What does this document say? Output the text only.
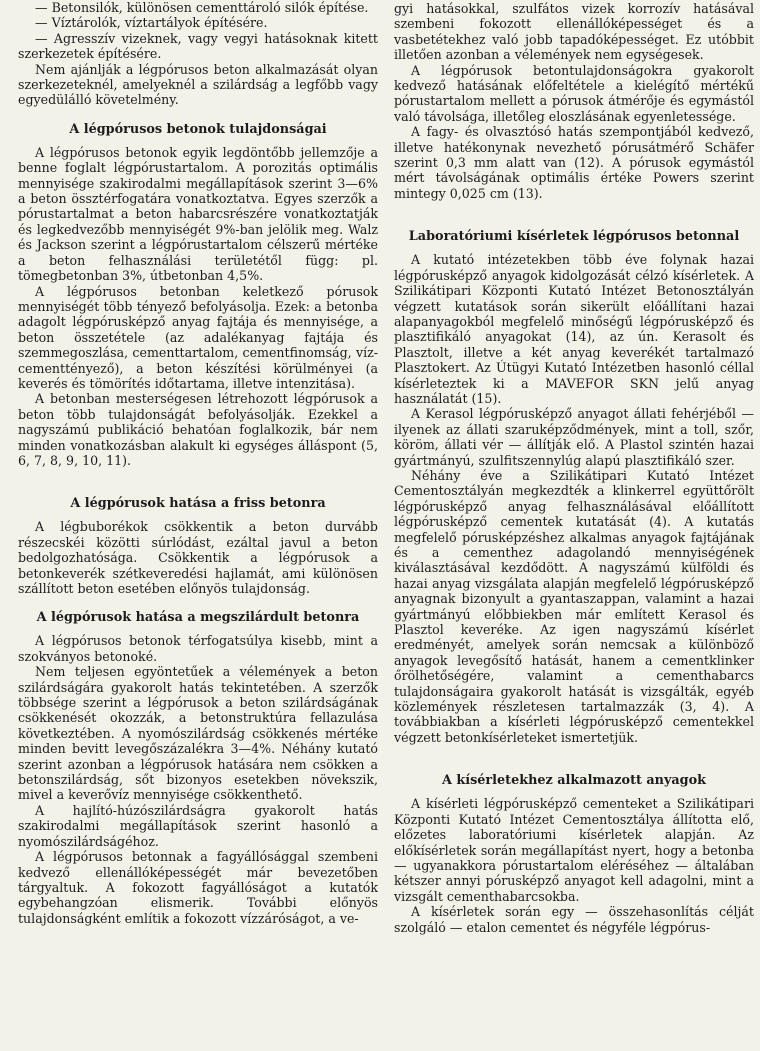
— Betonsilók, különösen cementtároló silók építése.

— Víztárolók, víztartályok építésére.

— Agresszív vizeknek, vagy vegyi hatásoknak kitett szerkezetek építésére.

Nem ajánlják a légpórusos beton alkalmazását olyan szerkezeteknél, amelyeknél a szilárdság a legfőbb vagy egyedülálló követelmény.

A légpórusos betonok tulajdonságai

A légpórusos betonok egyik legdöntőbb jellemzője a benne foglalt légpórustartalom. A porozitás optimális mennyisége szakirodalmi megállapítások szerint 3—6% a beton össztérfogatára vonatkoztatva. Egyes szerzők a pórustartalmat a beton habarcsrészére vonatkoztatják és legkedvezőbb mennyiségét 9%-ban jelölik meg. Walz és Jackson szerint a légpórustartalom célszerű mértéke a beton felhasználási területétől függ: pl. tömegbetonban 3%, útbetonban 4,5%.

A légpórusos betonban keletkező pórusok mennyiségét több tényező befolyásolja. Ezek: a betonba adagolt légpórusképző anyag fajtája és mennyisége, a beton összetétele (az adalékanyag fajtája és szemmegoszlása, cementtartalom, cementfinomság, vízcementtényező), a beton készítési körülményei (a keverés és tömörítés időtartama, illetve intenzitása).

A betonban mesterségesen létrehozott légpórusok a beton több tulajdonságát befolyásolják. Ezekkel a nagyszámú publikáció behatóan foglalkozik, bár nem minden vonatkozásban alakult ki egységes álláspont (5, 6, 7, 8, 9, 10, 11).

A légpórusok hatása a friss betonra

A légbuborékok csökkentik a beton durvább részecskéi közötti súrlódást, ezáltal javul a beton bedolgozhatósága. Csökkentik a légpórusok a betonkeverék szétkeveredési hajlamát, ami különösen szállított beton esetében előnyös tulajdonság.

A légpórusok hatása a megszilárdult betonra

A légpórusos betonok térfogatsúlya kisebb, mint a szokványos betonoké.

Nem teljesen egyöntetűek a vélemények a beton szilárdságára gyakorolt hatás tekintetében. A szerzők többsége szerint a légpórusok a beton szilárdságának csökkenését okozzák, a betonstruktúra fellazulása következtében. A nyomószilárdság csökkenés mértéke minden bevitt levegőszázalékra 3—4%. Néhány kutató szerint azonban a légpórusok hatására nem csökken a betonszilárdság, sőt bizonyos esetekben növekszik, mivel a keverővíz mennyisége csökkenthető.

A hajlító-húzószilárdságra gyakorolt hatás szakirodalmi megállapítások szerint hasonló a nyomószilárdságéhoz.

A légpórusos betonnak a fagyállósággal szembeni kedvező ellenállóképességét már bevezetőben tárgyaltuk. A fokozott fagyállóságot a kutatók egybehangzóan elismerik. További előnyös tulajdonságként említik a fokozott vízzáróságot, a ve-

gyi hatásokkal, szulfátos vizek korrozív hatásával szembeni fokozott ellenállóképességet és a vasbetétekhez való jobb tapadóképességet. Ez utóbbit illetően azonban a vélemények nem egységesek.

A légpórusok betontulajdonságokra gyakorolt kedvező hatásának előfeltétele a kielégítő mértékű pórustartalom mellett a pórusok átmérője és egymástól való távolsága, illetőleg eloszlásának egyenletessége.

A fagy- és olvasztósó hatás szempontjából kedvező, illetve hatékonynak nevezhető pórusátmérő Schäfer szerint 0,3 mm alatt van (12). A pórusok egymástól mért távolságának optimális értéke Powers szerint mintegy 0,025 cm (13).

Laboratóriumi kísérletek légpórusos betonnal

A kutató intézetekben több éve folynak hazai légpórusképző anyagok kidolgozását célzó kísérletek. A Szilikátipari Központi Kutató Intézet Betonosztályán végzett kutatások során sikerült előállítani hazai alapanyagokból megfelelő minőségű légpórusképző és plasztifikáló anyagokat (14), az ún. Kerasolt és Plasztolt, illetve a két anyag keverékét tartalmazó Plasztokert. Az Útügyi Kutató Intézetben hasonló céllal kísérleteztek ki a MAVEFOR SKN jelű anyag használatát (15).

A Kerasol légpórusképző anyagot állati fehérjéből — ilyenek az állati szaruképződmények, mint a toll, szőr, köröm, állati vér — állítják elő. A Plastol szintén hazai gyártmányú, szulfitszennylúg alapú plasztifikáló szer.

Néhány éve a Szilikátipari Kutató Intézet Cementosztályán megkezdték a klinkerrel együttőrölt légpórusképző anyag felhasználásával előállított légpórusképző cementek kutatását (4). A kutatás megfelelő pórusképzéshez alkalmas anyagok fajtájának és a cementhez adagolandó mennyiségének kiválasztásával kezdődött. A nagyszámú külföldi és hazai anyag vizsgálata alapján megfelelő légpórusképző anyagnak bizonyult a gyantaszappan, valamint a hazai gyártmányú előbbiekben már említett Kerasol és Plasztol keveréke. Az igen nagyszámú kísérlet eredményét, amelyek során nemcsak a különböző anyagok levegősítő hatását, hanem a cementklinker őrölhetőségére, valamint a cementhabarcs tulajdonságaira gyakorolt hatását is vizsgálták, egyéb közlemények részletesen tartalmazzák (3, 4). A továbbiakban a kísérleti légpórusképző cementekkel végzett betonkísérleteket ismertetjük.

A kísérletekhez alkalmazott anyagok

A kísérleti légpórusképző cementeket a Szilikátipari Központi Kutató Intézet Cementosztálya állította elő, előzetes laboratóriumi kísérletek alapján. Az előkísérletek során megállapítást nyert, hogy a betonba — ugyanakkora pórustartalom eléréséhez — általában kétszer annyi pórusképző anyagot kell adagolni, mint a vizsgált cementhabarcsokba.

A kísérletek során egy — összehasonlítás célját szolgáló — etalon cementet és négyféle légpórus-
